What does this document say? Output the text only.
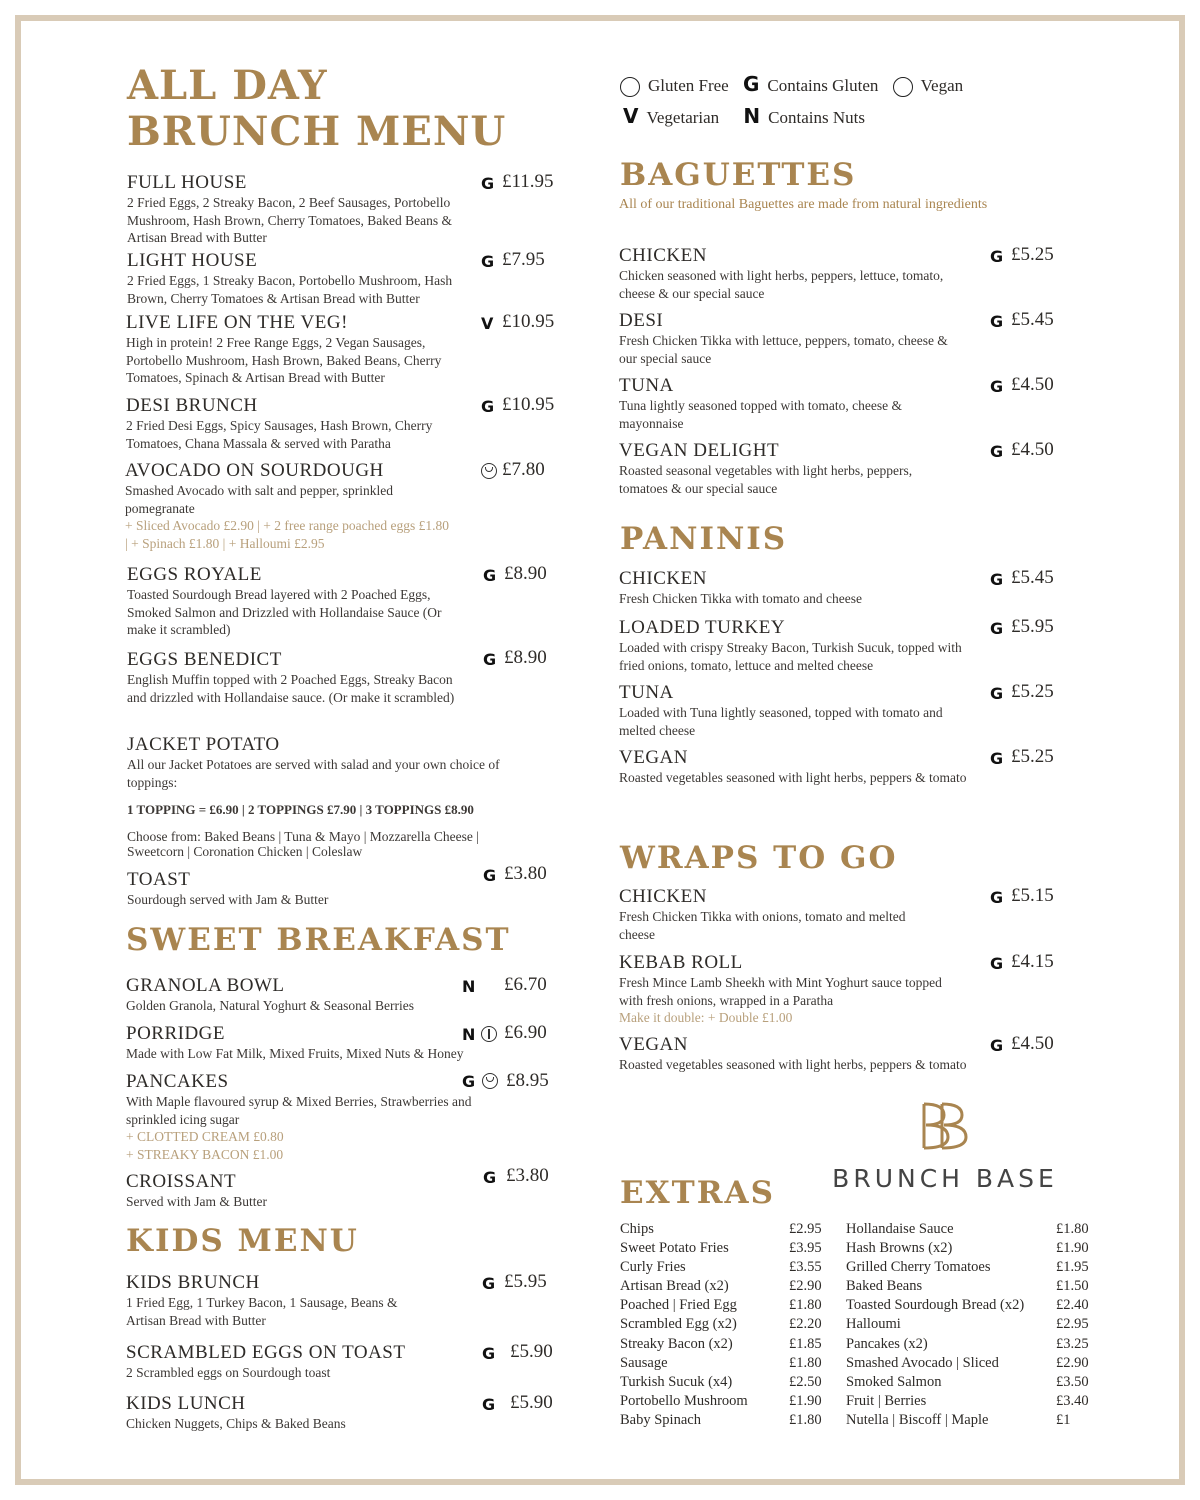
ALL DAY
BRUNCH MENU
Gluten Free G Contains Gluten Vegan
V Vegetarian N Contains Nuts
FULL HOUSE
2 Fried Eggs, 2 Streaky Bacon, 2 Beef Sausages, Portobello Mushroom, Hash Brown, Cherry Tomatoes, Baked Beans & Artisan Bread with Butter
G £11.95
LIGHT HOUSE
2 Fried Eggs, 1 Streaky Bacon, Portobello Mushroom, Hash Brown, Cherry Tomatoes & Artisan Bread with Butter
G £7.95
LIVE LIFE ON THE VEG!
High in protein! 2 Free Range Eggs, 2 Vegan Sausages, Portobello Mushroom, Hash Brown, Baked Beans, Cherry Tomatoes, Spinach & Artisan Bread with Butter
V £10.95
DESI BRUNCH
2 Fried Desi Eggs, Spicy Sausages, Hash Brown, Cherry Tomatoes, Chana Massala & served with Paratha
G £10.95
AVOCADO ON SOURDOUGH
Smashed Avocado with salt and pepper, sprinkled pomegranate
+ Sliced Avocado £2.90 | + 2 free range poached eggs £1.80 | + Spinach £1.80 | + Halloumi £2.95
£7.80
EGGS ROYALE
Toasted Sourdough Bread layered with 2 Poached Eggs, Smoked Salmon and Drizzled with Hollandaise Sauce (Or make it scrambled)
G £8.90
EGGS BENEDICT
English Muffin topped with 2 Poached Eggs, Streaky Bacon and drizzled with Hollandaise sauce. (Or make it scrambled)
G £8.90
JACKET POTATO
All our Jacket Potatoes are served with salad and your own choice of toppings:
1 TOPPING = £6.90 | 2 TOPPINGS £7.90 | 3 TOPPINGS £8.90
Choose from: Baked Beans | Tuna & Mayo | Mozzarella Cheese | Sweetcorn | Coronation Chicken | Coleslaw
TOAST
Sourdough served with Jam & Butter
G £3.80
SWEET BREAKFAST
GRANOLA BOWL
Golden Granola, Natural Yoghurt & Seasonal Berries
N £6.70
PORRIDGE
Made with Low Fat Milk, Mixed Fruits, Mixed Nuts & Honey
N £6.90
PANCAKES
With Maple flavoured syrup & Mixed Berries, Strawberries and sprinkled icing sugar
+ CLOTTED CREAM £0.80
+ STREAKY BACON £1.00
G £8.95
CROISSANT
Served with Jam & Butter
G £3.80
KIDS MENU
KIDS BRUNCH
1 Fried Egg, 1 Turkey Bacon, 1 Sausage, Beans & Artisan Bread with Butter
G £5.95
SCRAMBLED EGGS ON TOAST
2 Scrambled eggs on Sourdough toast
G £5.90
KIDS LUNCH
Chicken Nuggets, Chips & Baked Beans
G £5.90
BAGUETTES
All of our traditional Baguettes are made from natural ingredients
CHICKEN
Chicken seasoned with light herbs, peppers, lettuce, tomato, cheese & our special sauce
G £5.25
DESI
Fresh Chicken Tikka with lettuce, peppers, tomato, cheese & our special sauce
G £5.45
TUNA
Tuna lightly seasoned topped with tomato, cheese & mayonnaise
G £4.50
VEGAN DELIGHT
Roasted seasonal vegetables with light herbs, peppers, tomatoes & our special sauce
G £4.50
PANINIS
CHICKEN
Fresh Chicken Tikka with tomato and cheese
G £5.45
LOADED TURKEY
Loaded with crispy Streaky Bacon, Turkish Sucuk, topped with fried onions, tomato, lettuce and melted cheese
G £5.95
TUNA
Loaded with Tuna lightly seasoned, topped with tomato and melted cheese
G £5.25
VEGAN
Roasted vegetables seasoned with light herbs, peppers & tomato
G £5.25
WRAPS TO GO
CHICKEN
Fresh Chicken Tikka with onions, tomato and melted cheese
G £5.15
KEBAB ROLL
Fresh Mince Lamb Sheekh with Mint Yoghurt sauce topped with fresh onions, wrapped in a Paratha
Make it double: + Double £1.00
G £4.15
VEGAN
Roasted vegetables seasoned with light herbs, peppers & tomato
G £4.50
BRUNCH BASE
EXTRAS
Chips	£2.95
Sweet Potato Fries	£3.95
Curly Fries	£3.55
Artisan Bread (x2)	£2.90
Poached | Fried Egg	£1.80
Scrambled Egg (x2)	£2.20
Streaky Bacon (x2)	£1.85
Sausage	£1.80
Turkish Sucuk (x4)	£2.50
Portobello Mushroom	£1.90
Baby Spinach	£1.80
Hollandaise Sauce	£1.80
Hash Browns (x2)	£1.90
Grilled Cherry Tomatoes	£1.95
Baked Beans	£1.50
Toasted Sourdough Bread (x2) £2.40
Halloumi	£2.95
Pancakes (x2)	£3.25
Smashed Avocado | Sliced	£2.90
Smoked Salmon	£3.50
Fruit | Berries	£3.40
Nutella | Biscoff | Maple	£1
